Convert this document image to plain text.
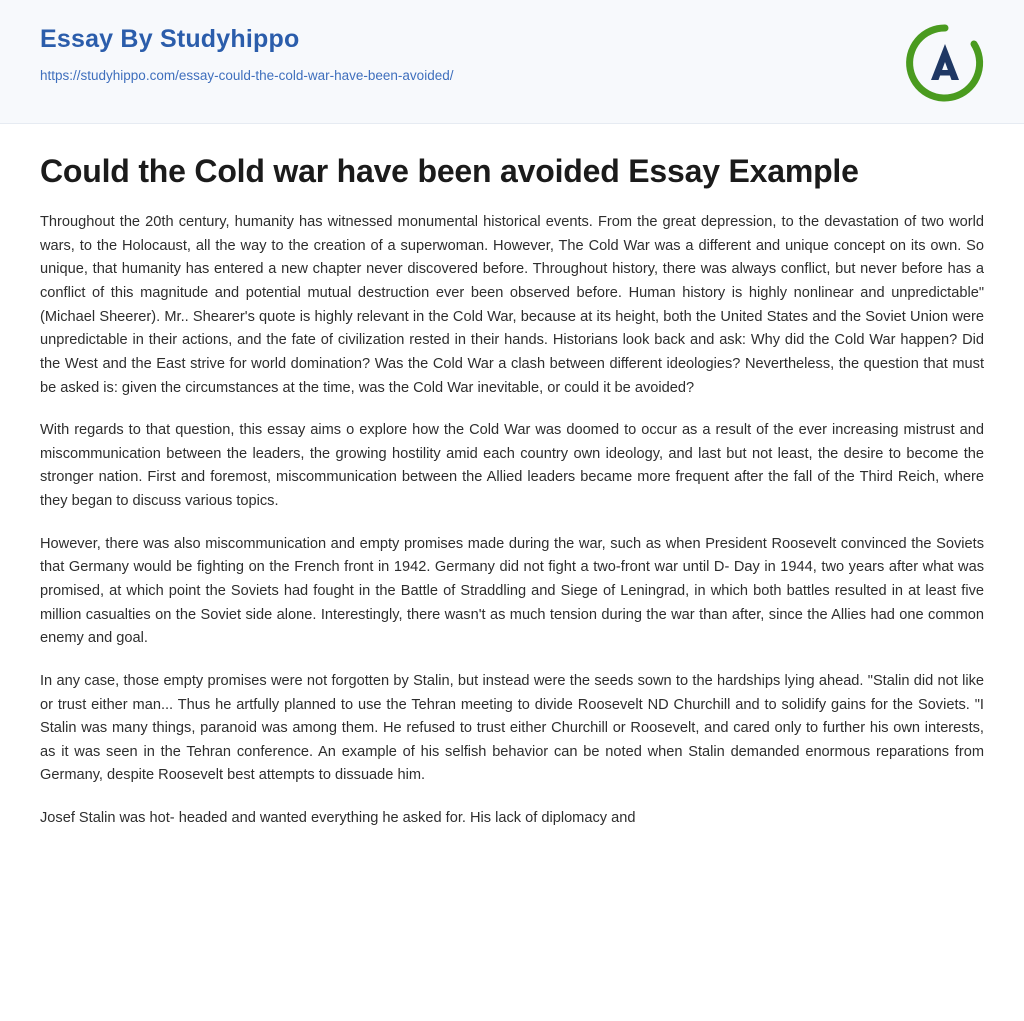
Essay By Studyhippo
https://studyhippo.com/essay-could-the-cold-war-have-been-avoided/
Could the Cold war have been avoided Essay Example

Throughout the 20th century, humanity has witnessed monumental historical events. From the great depression, to the devastation of two world wars, to the Holocaust, all the way to the creation of a superwoman. However, The Cold War was a different and unique concept on its own. So unique, that humanity has entered a new chapter never discovered before. Throughout history, there was always conflict, but never before has a conflict of this magnitude and potential mutual destruction ever been observed before. Human history is highly nonlinear and unpredictable" (Michael Sheerer). Mr.. Shearer's quote is highly relevant in the Cold War, because at its height, both the United States and the Soviet Union were unpredictable in their actions, and the fate of civilization rested in their hands. Historians look back and ask: Why did the Cold War happen? Did the West and the East strive for world domination? Was the Cold War a clash between different ideologies? Nevertheless, the question that must be asked is: given the circumstances at the time, was the Cold War inevitable, or could it be avoided?

With regards to that question, this essay aims o explore how the Cold War was doomed to occur as a result of the ever increasing mistrust and miscommunication between the leaders, the growing hostility amid each country own ideology, and last but not least, the desire to become the stronger nation. First and foremost, miscommunication between the Allied leaders became more frequent after the fall of the Third Reich, where they began to discuss various topics.

However, there was also miscommunication and empty promises made during the war, such as when President Roosevelt convinced the Soviets that Germany would be fighting on the French front in 1942. Germany did not fight a two-front war until D- Day in 1944, two years after what was promised, at which point the Soviets had fought in the Battle of Straddling and Siege of Leningrad, in which both battles resulted in at least five million casualties on the Soviet side alone. Interestingly, there wasn't as much tension during the war than after, since the Allies had one common enemy and goal.

In any case, those empty promises were not forgotten by Stalin, but instead were the seeds sown to the hardships lying ahead. "Stalin did not like or trust either man... Thus he artfully planned to use the Tehran meeting to divide Roosevelt ND Churchill and to solidify gains for the Soviets. "I Stalin was many things, paranoid was among them. He refused to trust either Churchill or Roosevelt, and cared only to further his own interests, as it was seen in the Tehran conference. An example of his selfish behavior can be noted when Stalin demanded enormous reparations from Germany, despite Roosevelt best attempts to dissuade him.

Josef Stalin was hot- headed and wanted everything he asked for. His lack of diplomacy and
